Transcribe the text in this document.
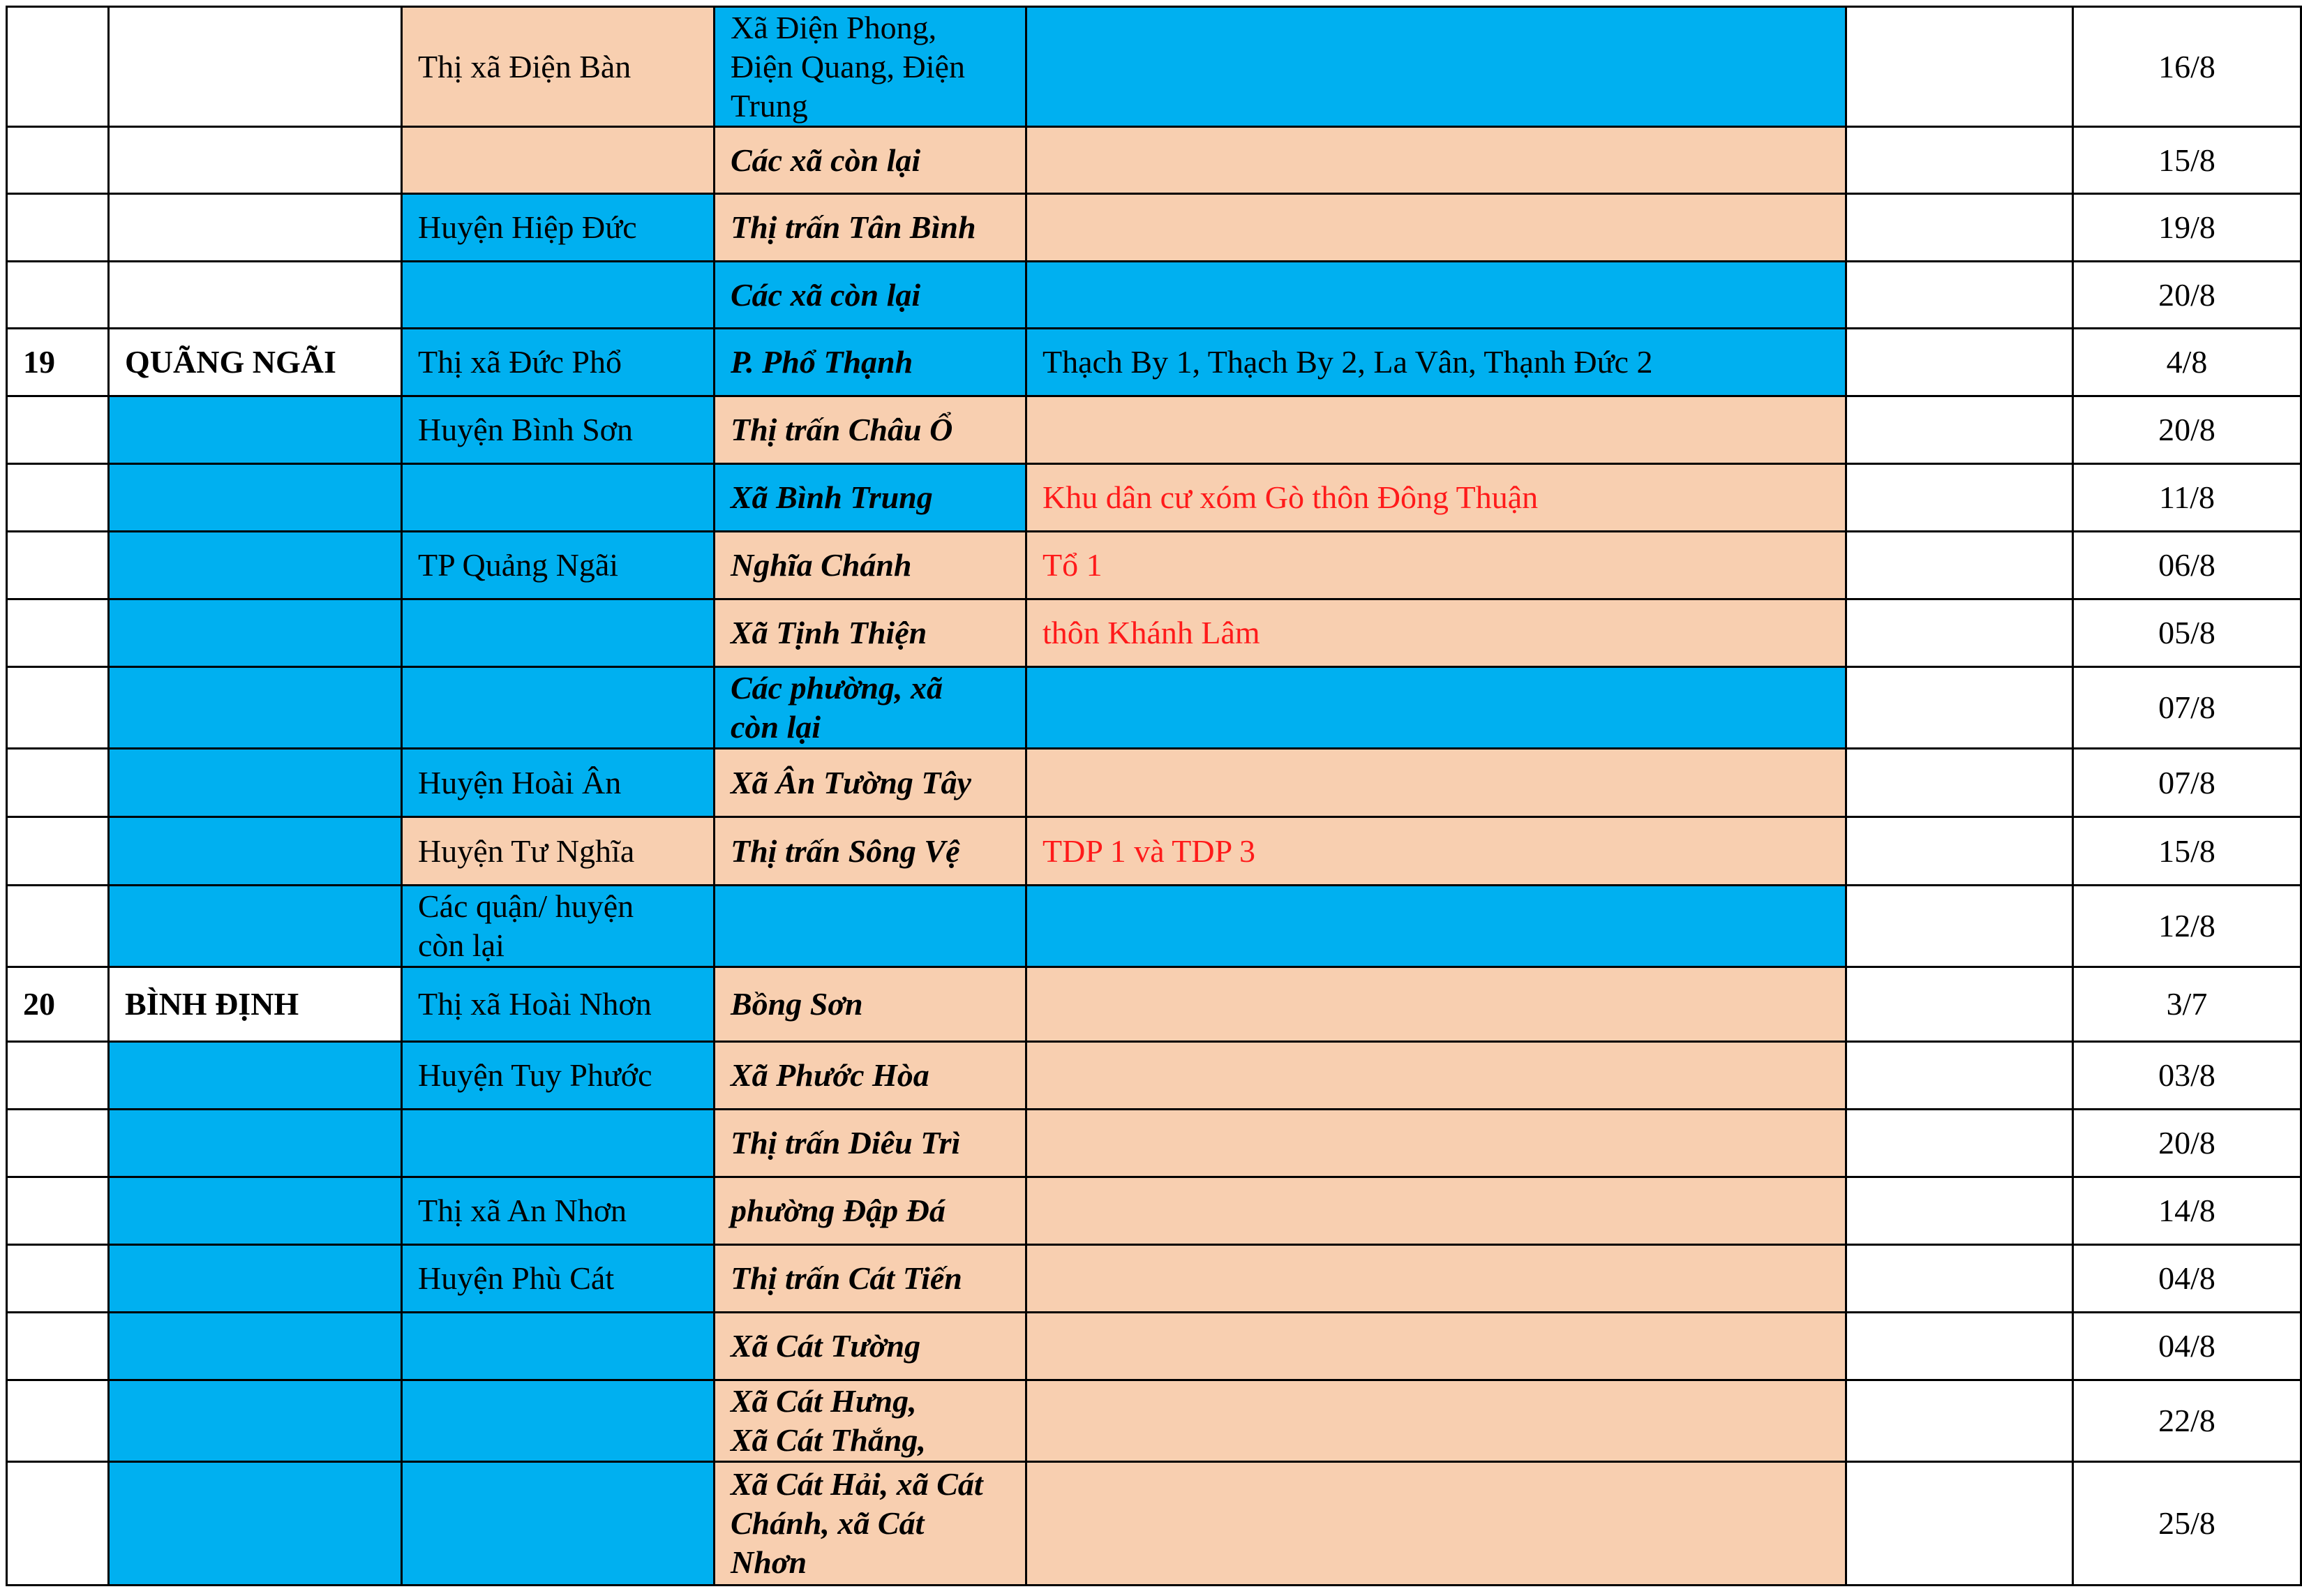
		Thị xã Điện Bàn	Xã Điện Phong,
Điện Quang, Điện
Trung			16/8
			Các xã còn lại			15/8
		Huyện Hiệp Đức	Thị trấn Tân Bình			19/8
			Các xã còn lại			20/8
19	QUÃNG NGÃI	Thị xã Đức Phổ	P. Phổ Thạnh	Thạch By 1, Thạch By 2, La Vân, Thạnh Đức 2		4/8
		Huyện Bình Sơn	Thị trấn Châu Ổ			20/8
			Xã Bình Trung	Khu dân cư xóm Gò thôn Đông Thuận		11/8
		TP Quảng Ngãi	Nghĩa Chánh	Tổ 1		06/8
			Xã Tịnh Thiện	thôn Khánh Lâm		05/8
			Các phường, xã
còn lại			07/8
		Huyện Hoài Ân	Xã Ân Tường Tây			07/8
		Huyện Tư Nghĩa	Thị trấn Sông Vệ	TDP 1 và TDP 3		15/8
		Các quận/ huyện
còn lại				12/8
20	BÌNH ĐỊNH	Thị xã Hoài Nhơn	Bồng Sơn			3/7
		Huyện Tuy Phước	Xã Phước Hòa			03/8
			Thị trấn Diêu Trì			20/8
		Thị xã An Nhơn	phường Đập Đá			14/8
		Huyện Phù Cát	Thị trấn Cát Tiến			04/8
			Xã Cát Tường			04/8
			Xã Cát Hưng,
Xã Cát Thắng,			22/8
			Xã Cát Hải, xã Cát
Chánh, xã Cát
Nhơn			25/8
